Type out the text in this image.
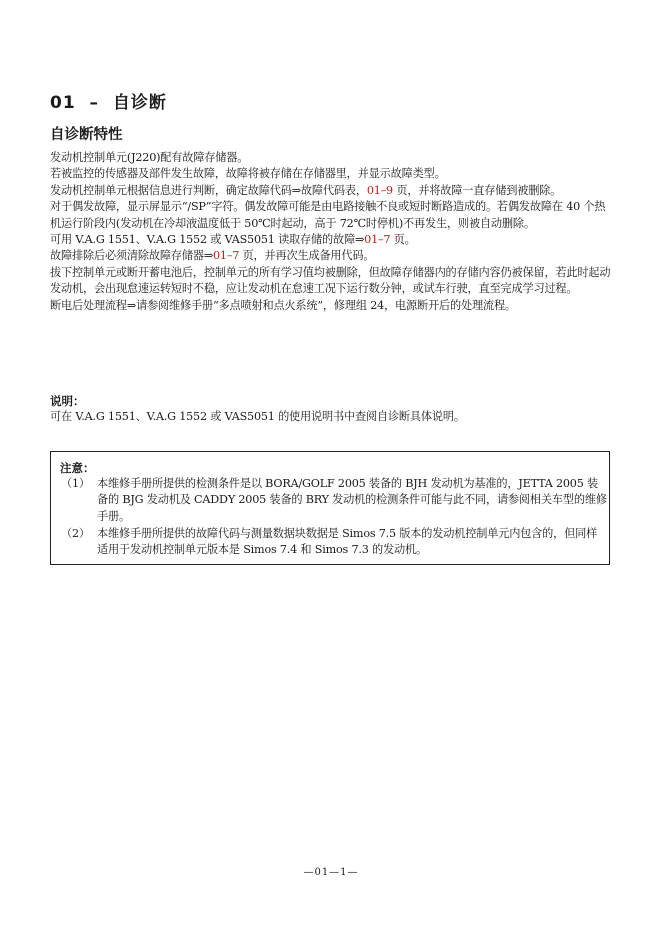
01  –  自诊断
自诊断特性

发动机控制单元(J220)配有故障存储器。

若被监控的传感器及部件发生故障，故障将被存储在存储器里，并显示故障类型。

发动机控制单元根据信息进行判断，确定故障代码⇒故障代码表，01–9 页，并将故障一直存储到被删除。

对于偶发故障，显示屏显示“/SP”字符。偶发故障可能是由电路接触不良或短时断路造成的。若偶发故障在 40 个热机运行阶段内(发动机在冷却液温度低于 50℃时起动，高于 72℃时停机)不再发生，则被自动删除。

可用 V.A.G 1551、V.A.G 1552 或 VAS5051 读取存储的故障⇒01–7 页。

故障排除后必须清除故障存储器⇒01–7 页，并再次生成备用代码。

拔下控制单元或断开蓄电池后，控制单元的所有学习值均被删除，但故障存储器内的存储内容仍被保留，若此时起动发动机，会出现怠速运转短时不稳，应让发动机在怠速工况下运行数分钟，或试车行驶，直至完成学习过程。

断电后处理流程⇒请参阅维修手册“多点喷射和点火系统”，修理组 24，电源断开后的处理流程。

说明：
可在 V.A.G 1551、V.A.G 1552 或 VAS5051 的使用说明书中查阅自诊断具体说明。
注意：
（1） 本维修手册所提供的检测条件是以 BORA/GOLF 2005 装备的 BJH 发动机为基准的，JETTA 2005 装备的 BJG 发动机及 CADDY 2005 装备的 BRY 发动机的检测条件可能与此不同，请参阅相关车型的维修手册。
（2） 本维修手册所提供的故障代码与测量数据块数据是 Simos 7.5 版本的发动机控制单元内包含的，但同样适用于发动机控制单元版本是 Simos 7.4 和 Simos 7.3 的发动机。
—01—1—
